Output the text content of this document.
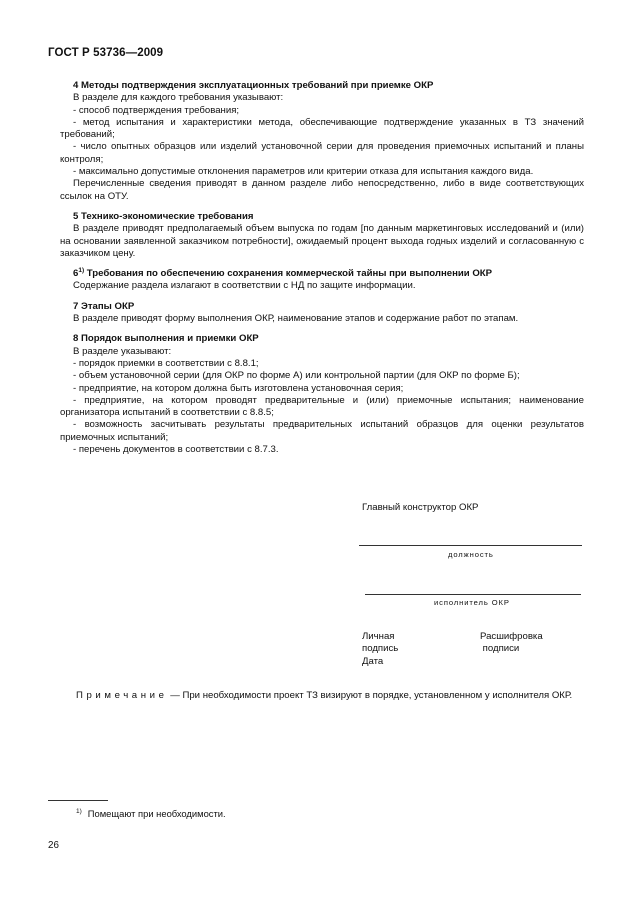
ГОСТ Р 53736—2009

4 Методы подтверждения эксплуатационных требований при приемке ОКР

В разделе для каждого требования указывают:

- способ подтверждения требования;

- метод испытания и характеристики метода, обеспечивающие подтверждение указанных в ТЗ значений требований;

- число опытных образцов или изделий установочной серии для проведения приемочных испытаний и планы контроля;

- максимально допустимые отклонения параметров или критерии отказа для испытания каждого вида.

Перечисленные сведения приводят в данном разделе либо непосредственно, либо в виде соответствующих ссылок на ОТУ.

5 Технико-экономические требования

В разделе приводят предполагаемый объем выпуска по годам [по данным маркетинговых исследований и (или) на основании заявленной заказчиком потребности], ожидаемый процент выхода годных изделий и согласованную с заказчиком цену.

6$^{1)}$ Требования по обеспечению сохранения коммерческой тайны при выполнении ОКР

Содержание раздела излагают в соответствии с НД по защите информации.

7 Этапы ОКР

В разделе приводят форму выполнения ОКР, наименование этапов и содержание работ по этапам.

8 Порядок выполнения и приемки ОКР

В разделе указывают:

- порядок приемки в соответствии с 8.8.1;

- объем установочной серии (для ОКР по форме А) или контрольной партии (для ОКР по форме Б);

- предприятие, на котором должна быть изготовлена установочная серия;

- предприятие, на котором проводят предварительные и (или) приемочные испытания; наименование организатора испытаний в соответствии с 8.8.5;

- возможность засчитывать результаты предварительных испытаний образцов для оценки результатов приемочных испытаний;

- перечень документов в соответствии с 8.7.3.

Главный конструктор ОКР
должность
исполнитель ОКР
Личная
подпись
Дата
Расшифровка
подписи
Примечание — При необходимости проект ТЗ визируют в порядке, установленном у исполнителя ОКР.
$^{1)}$ Помещают при необходимости.
26
